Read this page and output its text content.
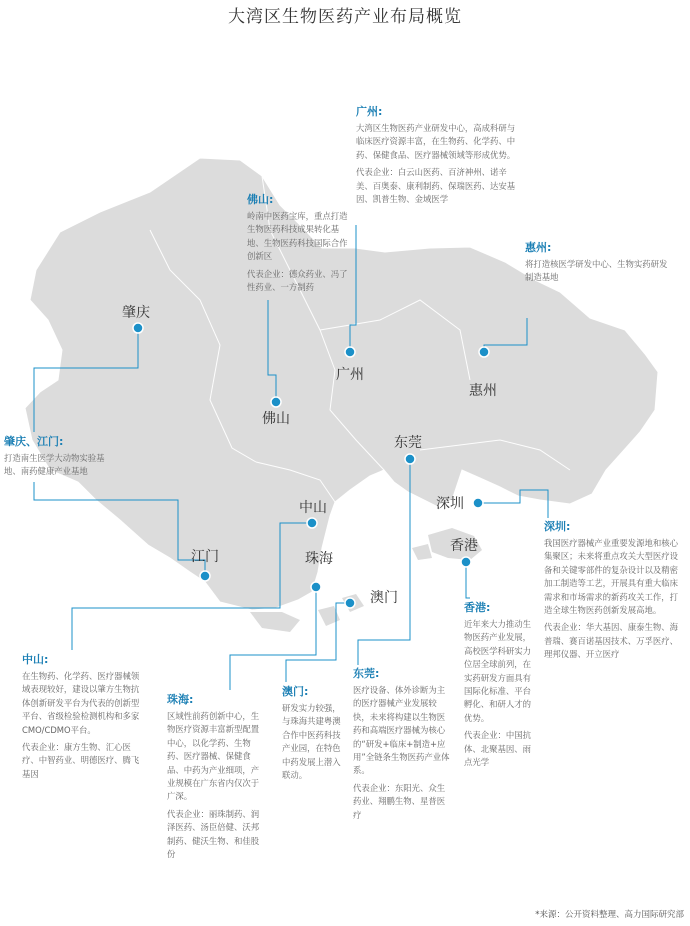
大湾区生物医药产业布局概览
肇庆
广州
惠州
佛山
东莞
深圳
中山
香港
江门	珠海
澳门
广州:

大湾区生物医药产业研发中心，高成科研与临床医疗资源丰富，在生物药、化学药、中药、保健食品、医疗器械领域等形成优势。

代表企业：白云山医药、百济神州、诺辛美、百奥泰、康利制药、保瑞医药、达安基因、凯普生物、金域医学

佛山:

岭南中医药宝库，重点打造生物医药科技成果转化基地、生物医药科技国际合作创新区

代表企业：德众药业、冯了性药业、一方制药

惠州:

将打造核医学研发中心、生物实药研发制造基地

肇庆、江门:

打造南生医学大动物实验基地、南药健康产业基地

深圳:

我国医疗器械产业重要发源地和核心集聚区；未来将重点攻关大型医疗设备和关键零部件的复杂设计以及精密加工制造等工艺，开展具有重大临床需求和市场需求的新药攻关工作，打造全球生物医药创新发展高地。

代表企业：华大基因、康泰生物、海普瑞、赛百诺基因技术、万孚医疗、理邦仪器、开立医疗

中山:

在生物药、化学药、医疗器械领域表现较好，建设以肇方生物抗体创新研发平台为代表的创新型平台、省级检验检测机构和多家CMO/CDMO平台。

代表企业：康方生物、汇心医疗、中智药业、明德医疗、腾飞基因

珠海:

区域性前药创新中心，生物医疗资源丰富新型配置中心，以化学药、生物药、医疗器械、保健食品、中药为产业细项，产业规模在广东省内仅次于广深。

代表企业：丽珠制药、润泽医药、汤臣倍健、沃邦制药、健沃生物、和佳股份

澳门:

研发实力较强，与珠海共建粤澳合作中医药科技产业园，在特色中药发展上潜入联动。

东莞:

医疗设备、体外诊断为主的医疗器械产业发展较快，未来将构建以生物医药和高端医疗器械为核心的“研发+临床+制造+应用”全链条生物医药产业体系。

代表企业：东阳光、众生药业、翔鹏生物、星普医疗

香港:

近年来大力推动生物医药产业发展，高校医学科研实力位居全球前列，在实药研发方面具有国际化标准、平台孵化、和研人才的优势。

代表企业：中国抗体、北聚基因、雨点光学

*来源：公开资料整理、高力国际研究部
